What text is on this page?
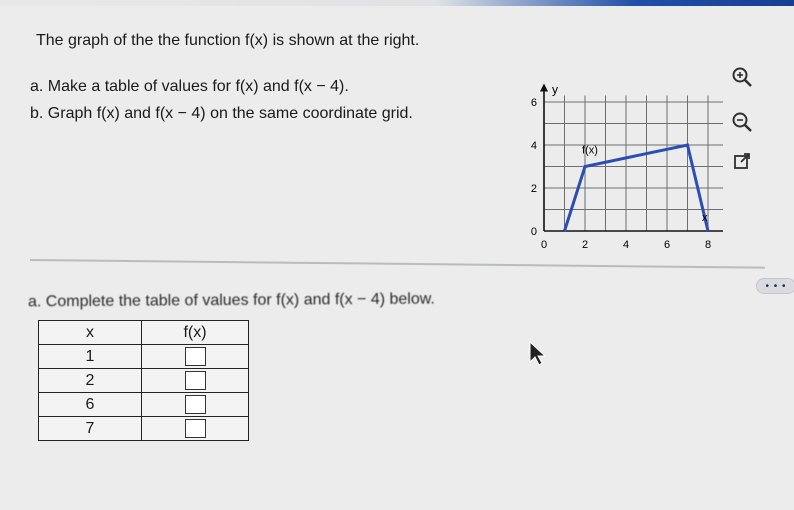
The graph of the the function f(x) is shown at the right.
a. Make a table of values for f(x) and f(x − 4).
b. Graph f(x) and f(x − 4) on the same coordinate grid.
0	2	4	6	8
0
2
4
6
f(x)
y
x
• • •
a. Complete the table of values for f(x) and f(x − 4) below.
x	f(x)
1	
2	
6	
7	
